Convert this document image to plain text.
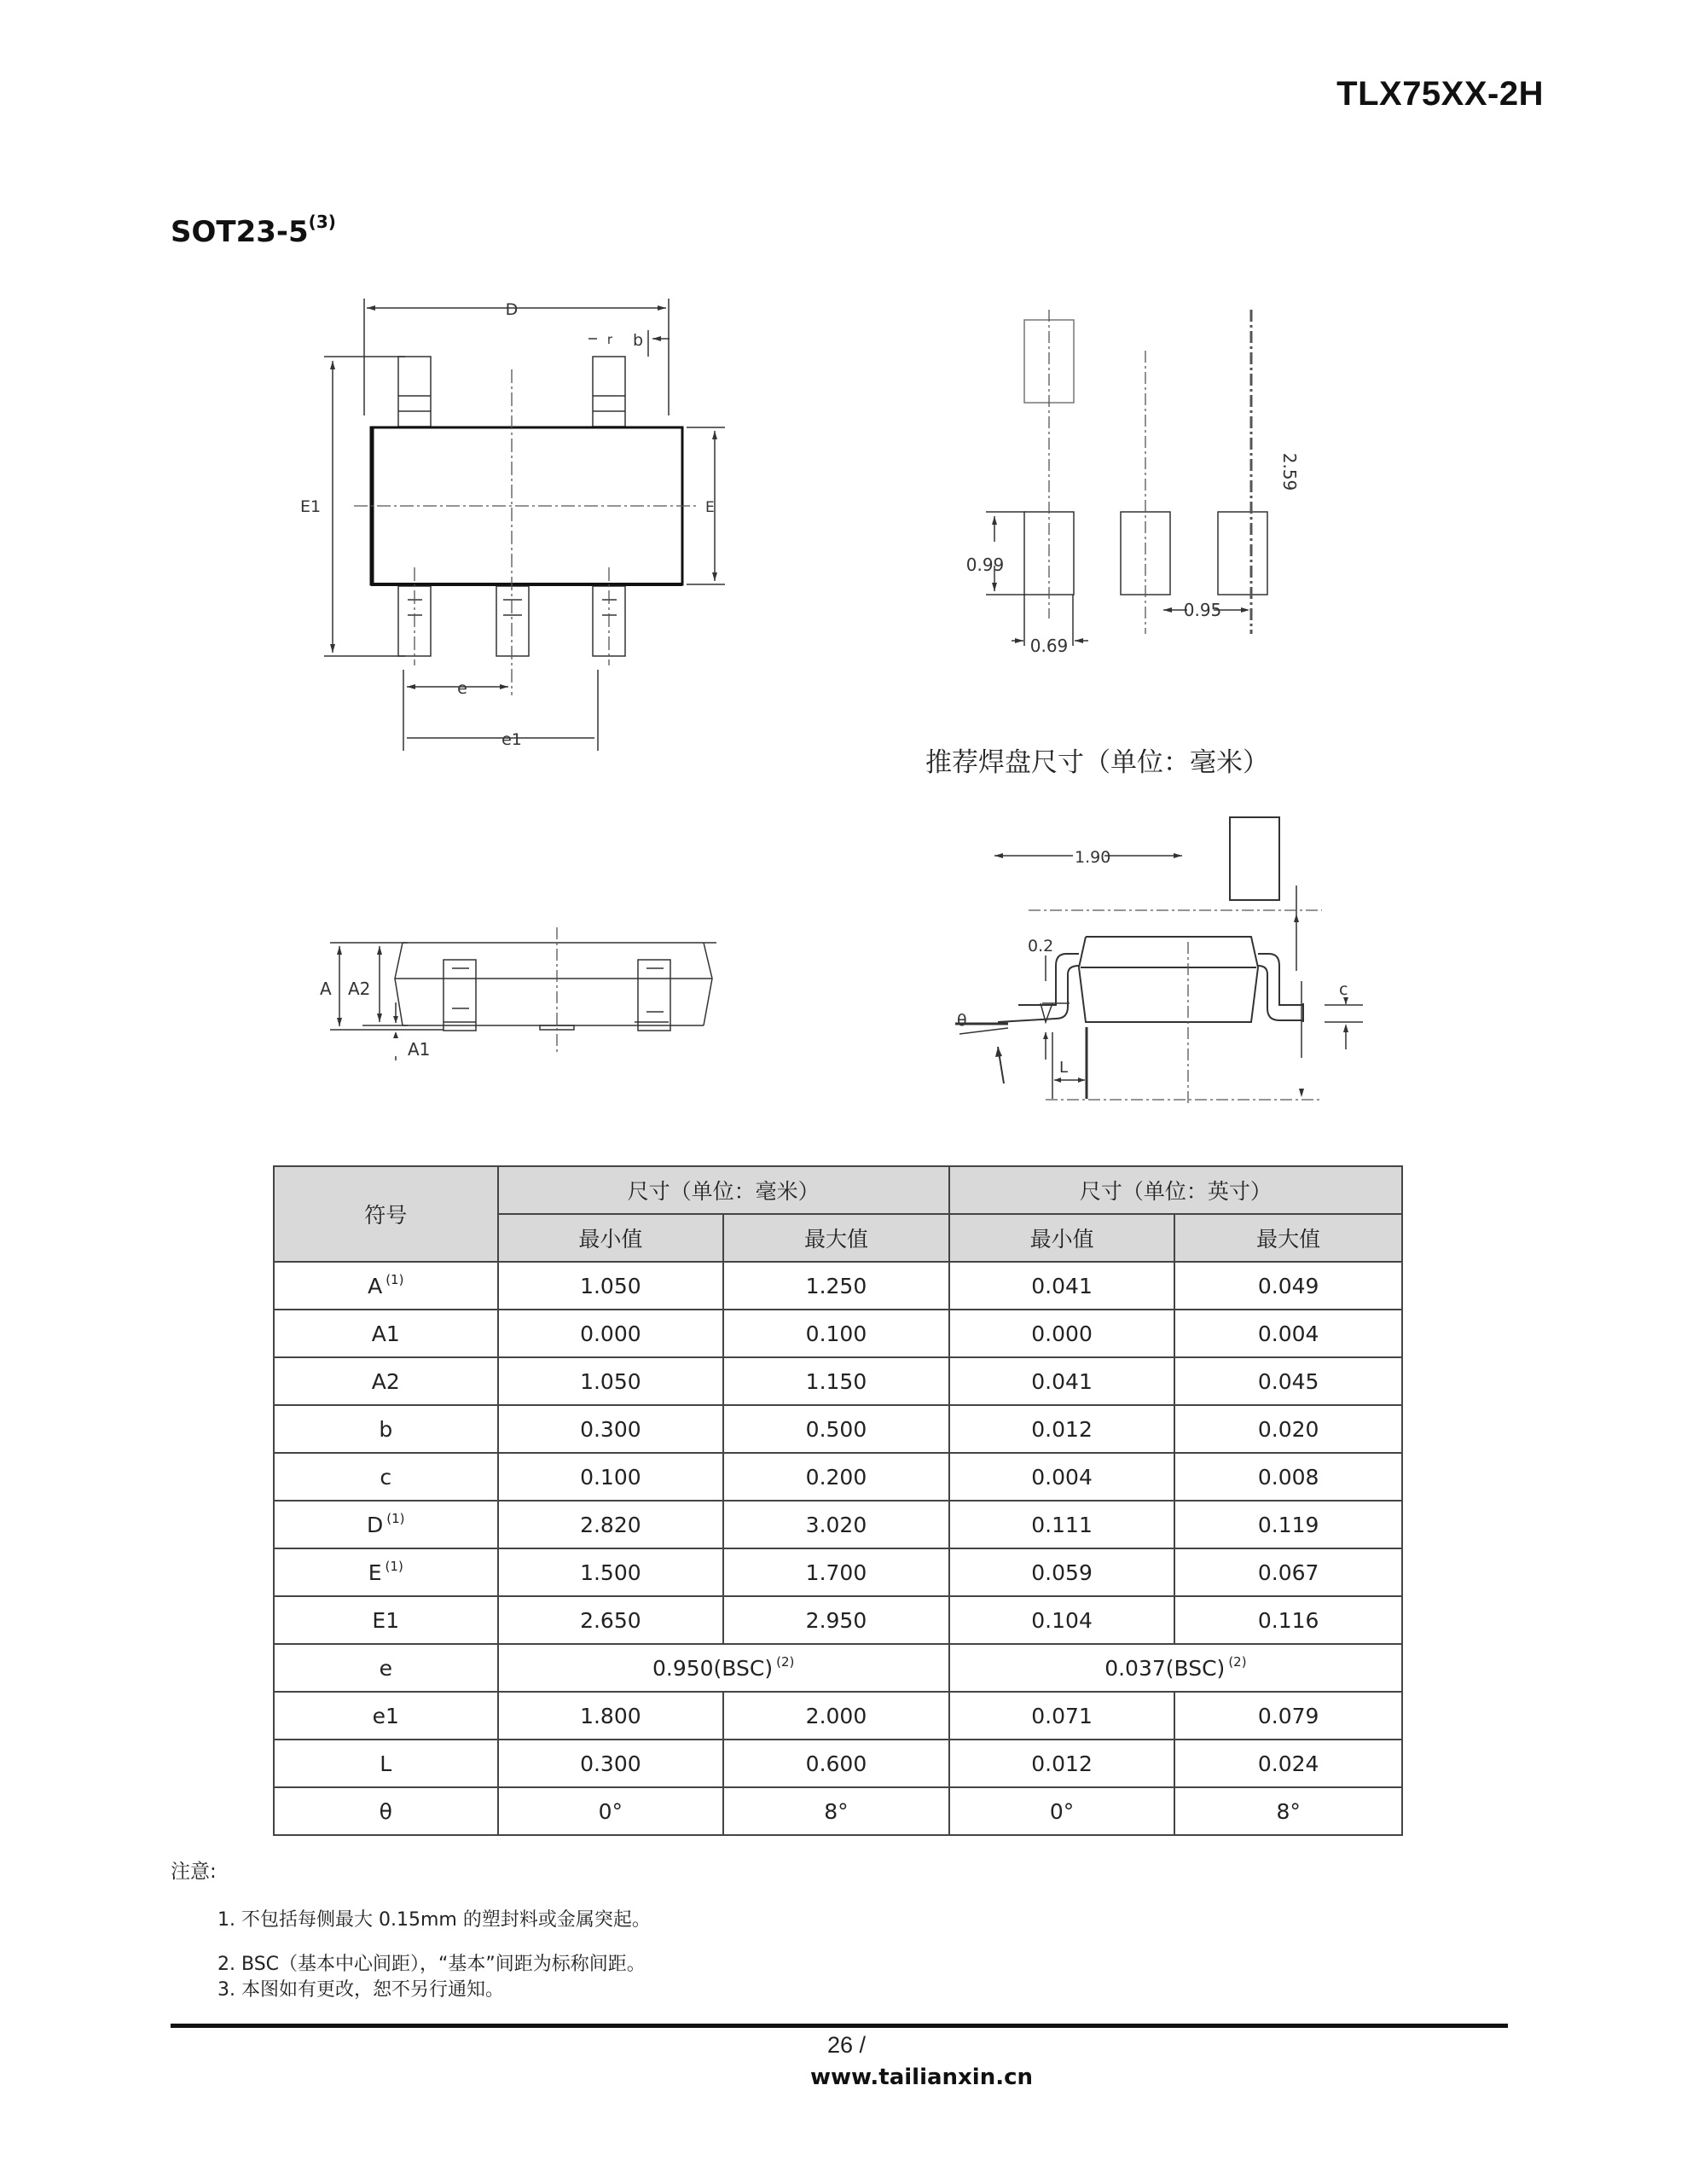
TLX75XX-2H
SOT23-5$^{(3)}$
D
b
r
E1	E
e
e1
0.99
0.69
0.95
2.59
推荐焊盘尺寸（单位：毫米）
A A2
A1
1.90
0.2
θ
L
c
符号	尺寸（单位：毫米）		尺寸（单位：英寸）	
	最小值	最大值	最小值	最大值
A $^{(1)}$	1.050	1.250	0.041	0.049
A1	0.000	0.100	0.000	0.004
A2	1.050	1.150	0.041	0.045
b	0.300	0.500	0.012	0.020
c	0.100	0.200	0.004	0.008
D $^{(1)}$	2.820	3.020	0.111	0.119
E $^{(1)}$	1.500	1.700	0.059	0.067
E1	2.650	2.950	0.104	0.116
e	0.950(BSC) $^{(2)}$		0.037(BSC) $^{(2)}$
e1	1.800	2.000	0.071	0.079
L	0.300	0.600	0.012	0.024
θ	0°	8°	0°	8°
注意:
1. 不包括每侧最大 0.15mm 的塑封料或金属突起。
2. BSC（基本中心间距），“基本”间距为标称间距。
3. 本图如有更改，恕不另行通知。
26 /
www.tailianxin.cn
